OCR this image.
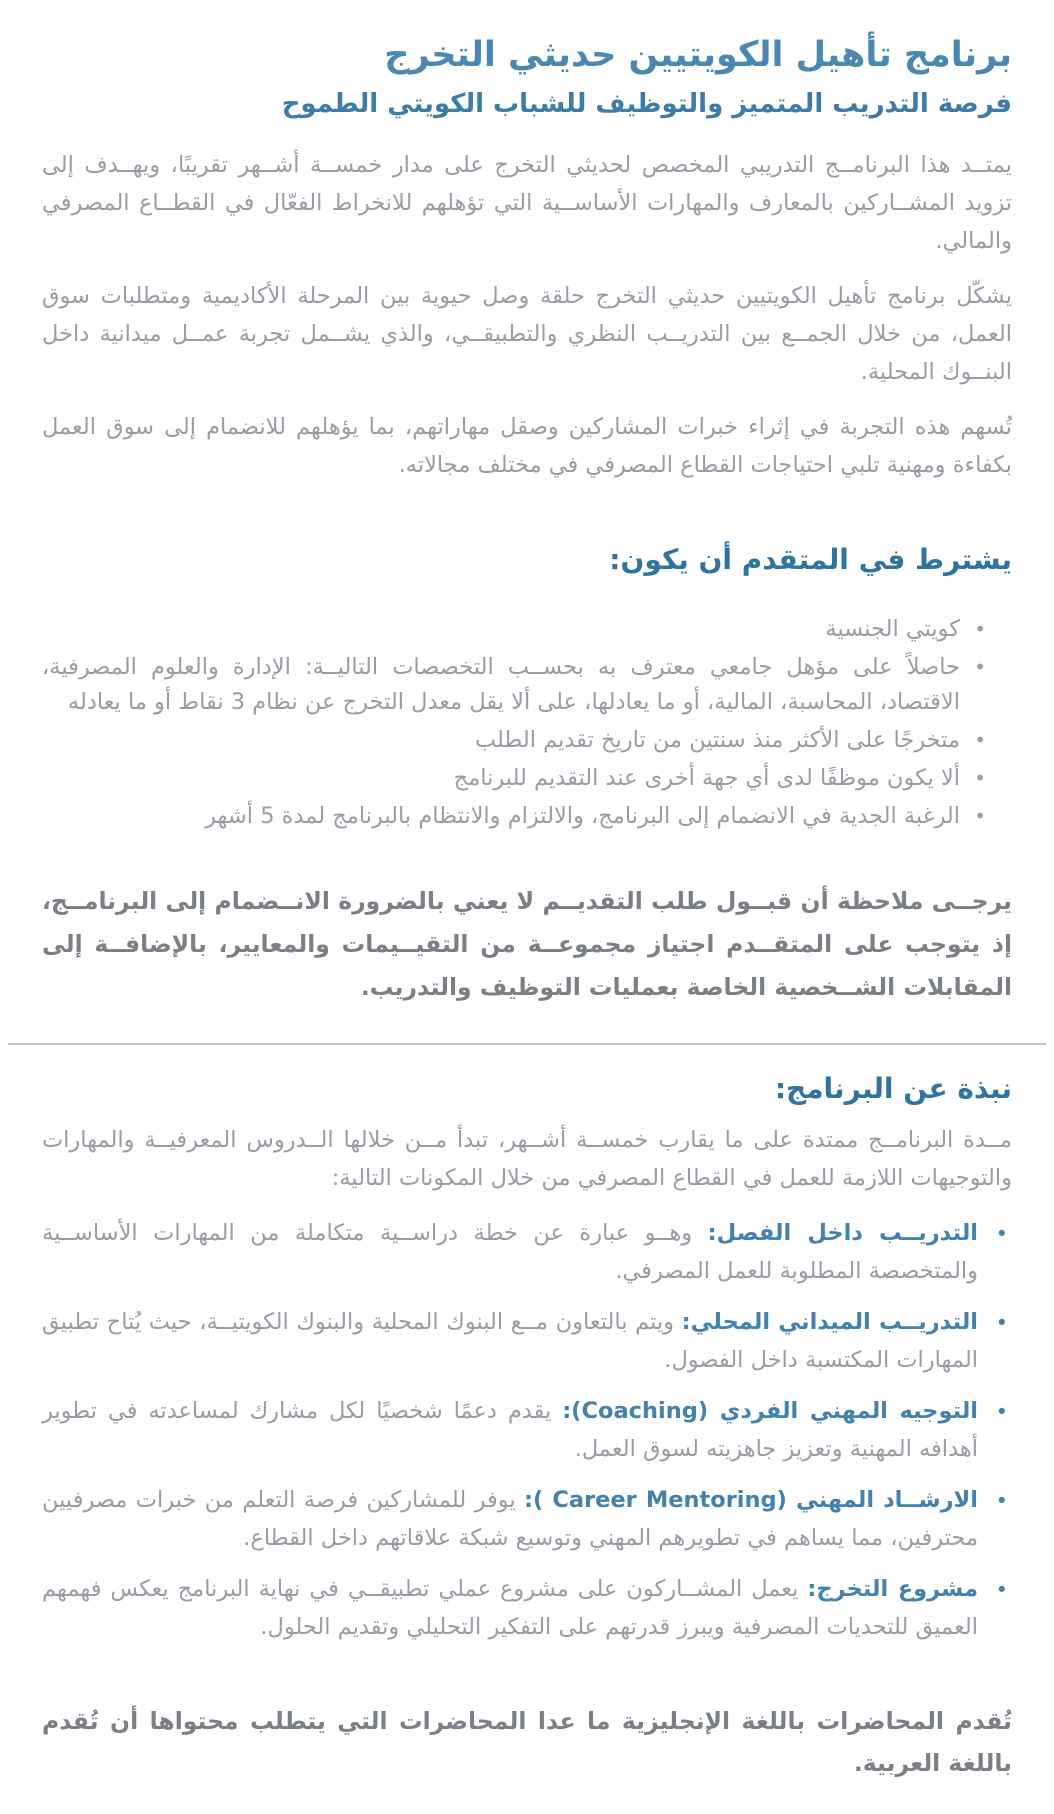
برنامج تأهيل الكويتيين حديثي التخرج
فرصة التدريب المتميز والتوظيف للشباب الكويتي الطموح

يمتــد هذا البرنامــج التدريبي المخصص لحديثي التخرج على مدار خمســة أشــهر تقريبًا، ويهــدف إلى تزويد المشــاركين بالمعارف والمهارات الأساســية التي تؤهلهم للانخراط الفعّال في القطــاع المصرفي والمالي.

يشكّل برنامج تأهيل الكويتيين حديثي التخرج حلقة وصل حيوية بين المرحلة الأكاديمية ومتطلبات سوق العمل، من خلال الجمــع بين التدريــب النظري والتطبيقــي، والذي يشــمل تجربة عمــل ميدانية داخل البنــوك المحلية.

تُسهم هذه التجربة في إثراء خبرات المشاركين وصقل مهاراتهم، بما يؤهلهم للانضمام إلى سوق العمل بكفاءة ومهنية تلبي احتياجات القطاع المصرفي في مختلف مجالاته.

يشترط في المتقدم أن يكون:
• كويتي الجنسية
• حاصلاً على مؤهل جامعي معترف به بحســب التخصصات التاليــة: الإدارة والعلوم المصرفية، الاقتصاد، المحاسبة، المالية، أو ما يعادلها، على ألا يقل معدل التخرج عن نظام 3 نقاط أو ما يعادله
• متخرجًا على الأكثر منذ سنتين من تاريخ تقديم الطلب
• ألا يكون موظفًا لدى أي جهة أخرى عند التقديم للبرنامج
• الرغبة الجدية في الانضمام إلى البرنامج، والالتزام والانتظام بالبرنامج لمدة 5 أشهر

يرجــى ملاحظة أن قبــول طلب التقديــم لا يعني بالضرورة الانــضمام إلى البرنامــج، إذ يتوجب على المتقــدم اجتياز مجموعــة من التقيــيمات والمعايير، بالإضافــة إلى المقابلات الشــخصية الخاصة بعمليات التوظيف والتدريب.

نبذة عن البرنامج:

مــدة البرنامــج ممتدة على ما يقارب خمســة أشــهر، تبدأ مــن خلالها الــدروس المعرفيــة والمهارات والتوجيهات اللازمة للعمل في القطاع المصرفي من خلال المكونات التالية:

• التدريــب داخل الفصل: وهــو عبارة عن خطة دراســية متكاملة من المهارات الأساســية والمتخصصة المطلوبة للعمل المصرفي.
• التدريــب الميداني المحلي: ويتم بالتعاون مــع البنوك المحلية والبنوك الكويتيــة، حيث يُتاح تطبيق المهارات المكتسبة داخل الفصول.
• التوجيه المهني الفردي (Coaching): يقدم دعمًا شخصيًا لكل مشارك لمساعدته في تطوير أهدافه المهنية وتعزيز جاهزيته لسوق العمل.
• الارشــاد المهني (Career Mentoring ): يوفر للمشاركين فرصة التعلم من خبرات مصرفيين محترفين، مما يساهم في تطويرهم المهني وتوسيع شبكة علاقاتهم داخل القطاع.
• مشروع التخرج: يعمل المشــاركون على مشروع عملي تطبيقــي في نهاية البرنامج يعكس فهمهم العميق للتحديات المصرفية ويبرز قدرتهم على التفكير التحليلي وتقديم الحلول.

تُقدم المحاضرات باللغة الإنجليزية ما عدا المحاضرات التي يتطلب محتواها أن تُقدم باللغة العربية.
